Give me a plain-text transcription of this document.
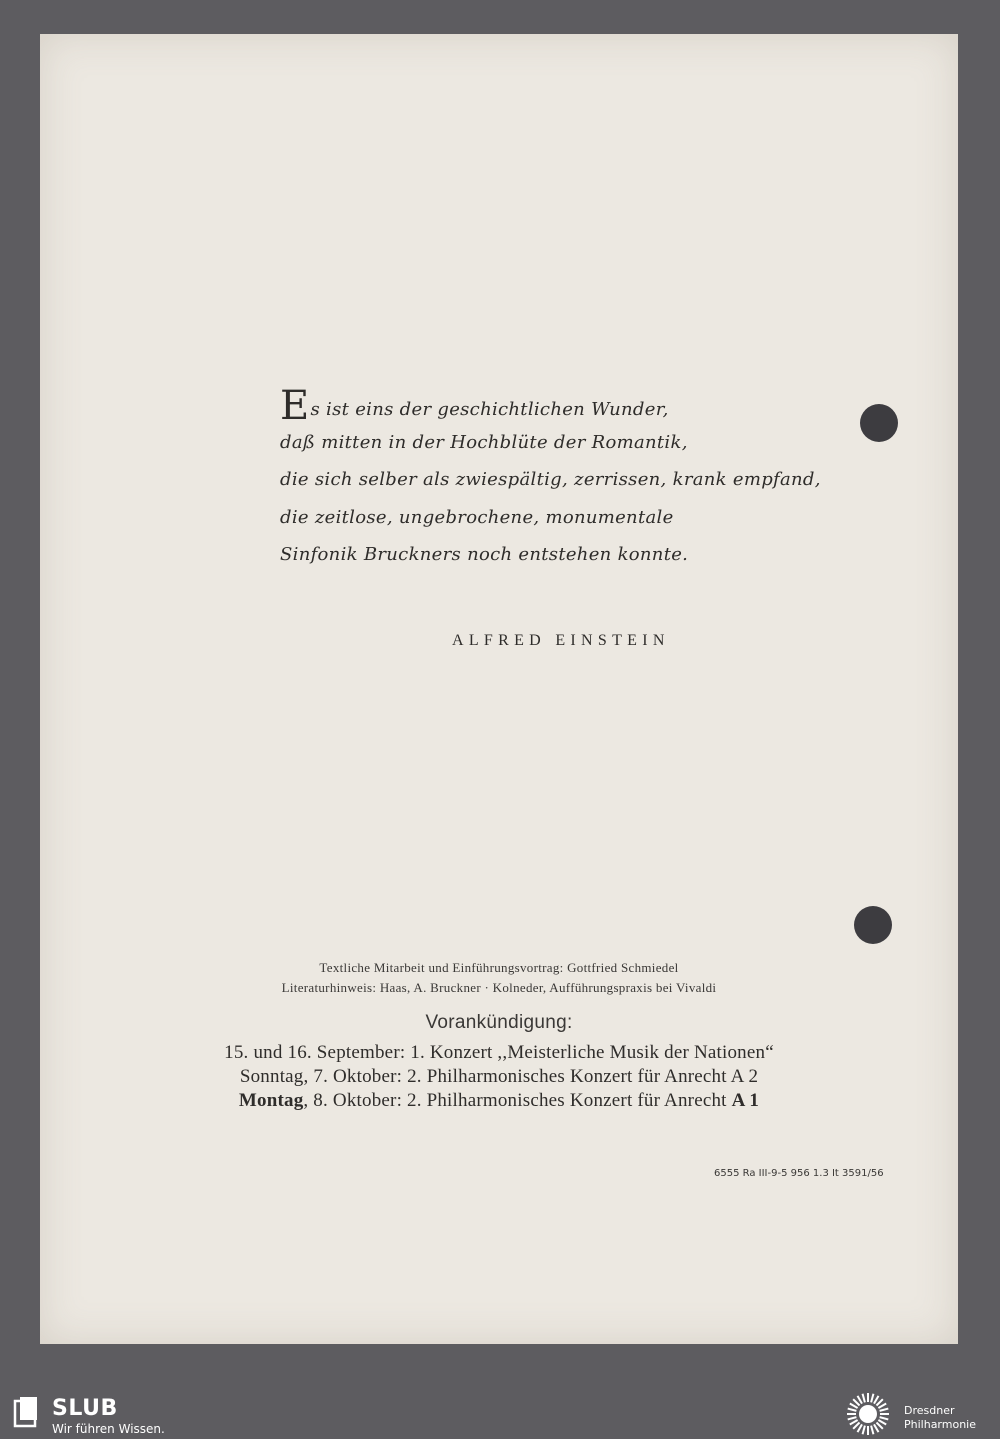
Es ist eins der geschichtlichen Wunder,
daß mitten in der Hochblüte der Romantik,
die sich selber als zwiespältig, zerrissen, krank empfand,
die zeitlose, ungebrochene, monumentale
Sinfonik Bruckners noch entstehen konnte.
ALFRED EINSTEIN
Textliche Mitarbeit und Einführungsvortrag: Gottfried Schmiedel
Literaturhinweis: Haas, A. Bruckner · Kolneder, Aufführungspraxis bei Vivaldi
Vorankündigung:
15. und 16. September: 1. Konzert ,,Meisterliche Musik der Nationen“
Sonntag, 7. Oktober: 2. Philharmonisches Konzert für Anrecht A 2
Montag, 8. Oktober: 2. Philharmonisches Konzert für Anrecht A 1
6555 Ra III-9-5 956 1.3 It 3591/56
SLUB
Wir führen Wissen.
Dresdner
Philharmonie
